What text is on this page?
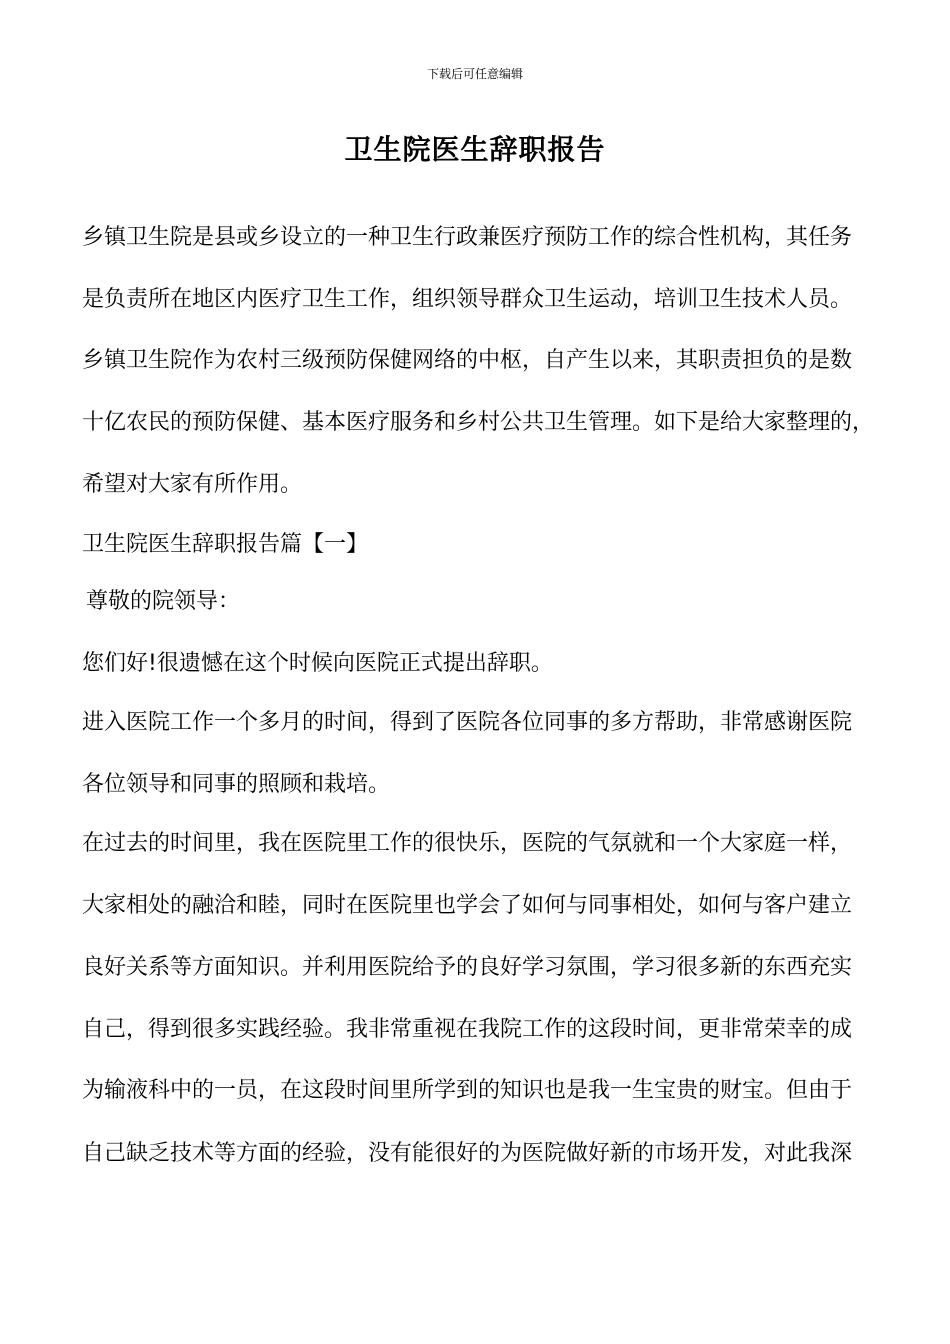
下载后可任意编辑
卫生院医生辞职报告
乡镇卫生院是县或乡设立的一种卫生行政兼医疗预防工作的综合性机构，其任务
是负责所在地区内医疗卫生工作，组织领导群众卫生运动，培训卫生技术人员。
乡镇卫生院作为农村三级预防保健网络的中枢，自产生以来，其职责担负的是数
十亿农民的预防保健、基本医疗服务和乡村公共卫生管理。如下是给大家整理的，
希望对大家有所作用。
卫生院医生辞职报告篇【一】
尊敬的院领导：
您们好!很遗憾在这个时候向医院正式提出辞职。
进入医院工作一个多月的时间，得到了医院各位同事的多方帮助，非常感谢医院
各位领导和同事的照顾和栽培。
在过去的时间里，我在医院里工作的很快乐，医院的气氛就和一个大家庭一样，
大家相处的融洽和睦，同时在医院里也学会了如何与同事相处，如何与客户建立
良好关系等方面知识。并利用医院给予的良好学习氛围，学习很多新的东西充实
自己，得到很多实践经验。我非常重视在我院工作的这段时间，更非常荣幸的成
为输液科中的一员，在这段时间里所学到的知识也是我一生宝贵的财宝。但由于
自己缺乏技术等方面的经验，没有能很好的为医院做好新的市场开发，对此我深
